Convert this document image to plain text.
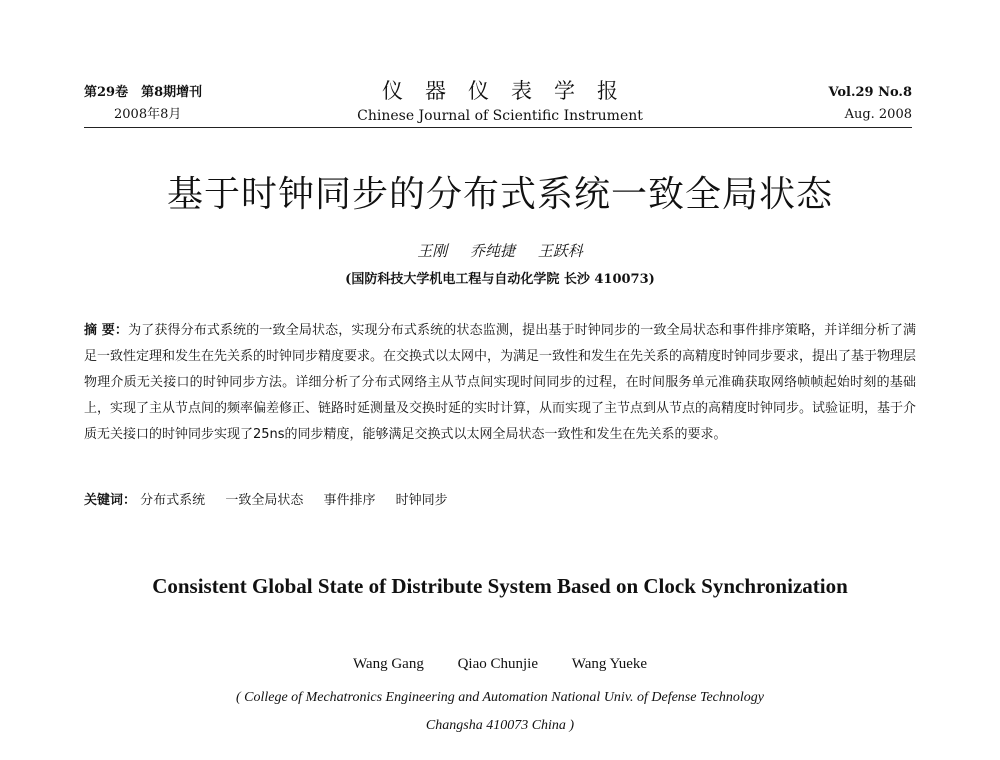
第29卷　第8期增刊
2008年8月
仪器仪表学报
Chinese Journal of Scientific Instrument
Vol.29 No.8
Aug. 2008
基于时钟同步的分布式系统一致全局状态
王刚 乔纯捷 王跃科
(国防科技大学机电工程与自动化学院 长沙 410073)
摘 要：为了获得分布式系统的一致全局状态，实现分布式系统的状态监测，提出基于时钟同步的一致全局状态和事件排序策略，并详细分析了满足一致性定理和发生在先关系的时钟同步精度要求。在交换式以太网中，为满足一致性和发生在先关系的高精度时钟同步要求，提出了基于物理层物理介质无关接口的时钟同步方法。详细分析了分布式网络主从节点间实现时间同步的过程，在时间服务单元准确获取网络帧帧起始时刻的基础上，实现了主从节点间的频率偏差修正、链路时延测量及交换时延的实时计算，从而实现了主节点到从节点的高精度时钟同步。试验证明，基于介质无关接口的时钟同步实现了25ns的同步精度，能够满足交换式以太网全局状态一致性和发生在先关系的要求。
关键词： 分布式系统 一致全局状态 事件排序 时钟同步
Consistent Global State of Distribute System Based on Clock Synchronization
Wang Gang Qiao Chunjie Wang Yueke
( College of Mechatronics Engineering and Automation National Univ. of Defense Technology
Changsha 410073 China )
